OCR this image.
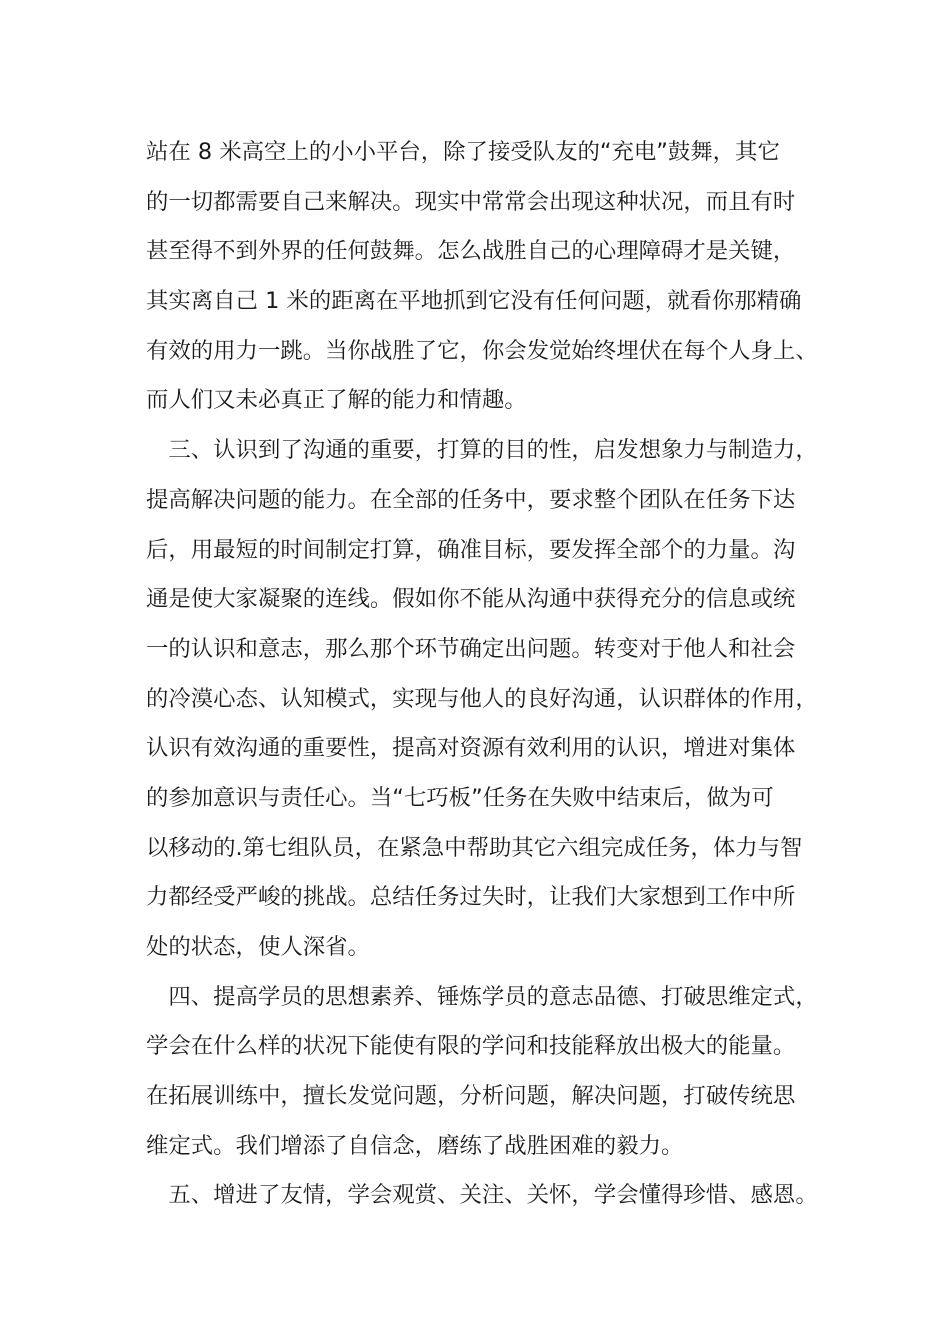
站在 8 米高空上的小小平台，除了接受队友的“充电”鼓舞，其它
的一切都需要自己来解决。现实中常常会出现这种状况，而且有时
甚至得不到外界的任何鼓舞。怎么战胜自己的心理障碍才是关键，
其实离自己 1 米的距离在平地抓到它没有任何问题，就看你那精确
有效的用力一跳。当你战胜了它，你会发觉始终埋伏在每个人身上、
而人们又未必真正了解的能力和情趣。
　三、认识到了沟通的重要，打算的目的性，启发想象力与制造力，
提高解决问题的能力。在全部的任务中，要求整个团队在任务下达
后，用最短的时间制定打算，确准目标，要发挥全部个的力量。沟
通是使大家凝聚的连线。假如你不能从沟通中获得充分的信息或统
一的认识和意志，那么那个环节确定出问题。转变对于他人和社会
的冷漠心态、认知模式，实现与他人的良好沟通，认识群体的作用，
认识有效沟通的重要性，提高对资源有效利用的认识，增进对集体
的参加意识与责任心。当“七巧板”任务在失败中结束后，做为可
以移动的.第七组队员，在紧急中帮助其它六组完成任务，体力与智
力都经受严峻的挑战。总结任务过失时，让我们大家想到工作中所
处的状态，使人深省。
　四、提高学员的思想素养、锤炼学员的意志品德、打破思维定式，
学会在什么样的状况下能使有限的学问和技能释放出极大的能量。
在拓展训练中，擅长发觉问题，分析问题，解决问题，打破传统思
维定式。我们增添了自信念，磨练了战胜困难的毅力。
　五、增进了友情，学会观赏、关注、关怀，学会懂得珍惜、感恩。
